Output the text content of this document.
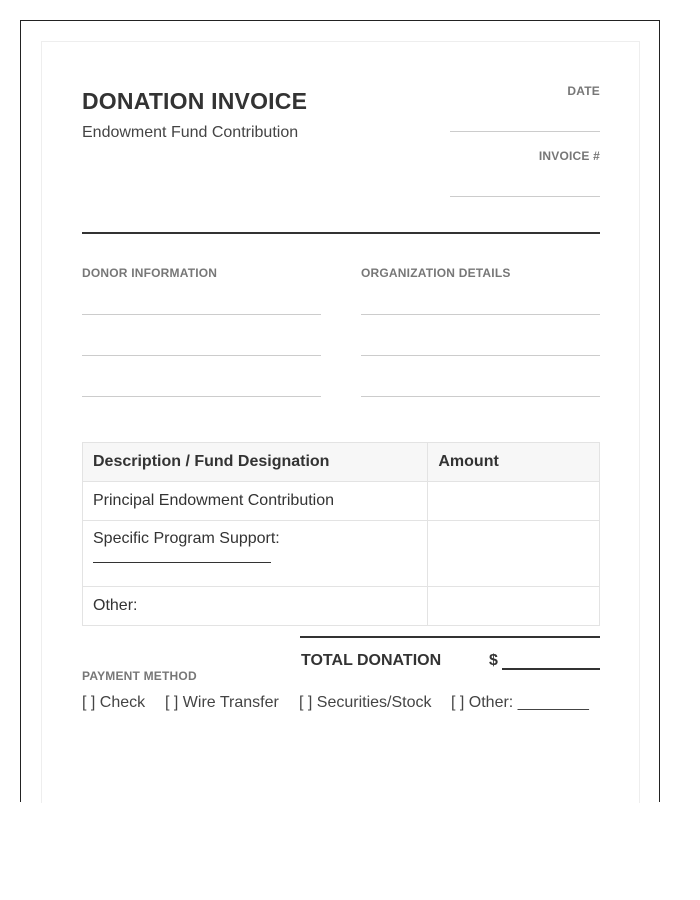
DONATION INVOICE
Endowment Fund Contribution
DATE
INVOICE #
DONOR INFORMATION	ORGANIZATION DETAILS
Description / Fund Designation	Amount
Principal Endowment Contribution	
Specific Program Support:

Other:	
TOTAL DONATION	$
PAYMENT METHOD
[ ] Check [ ] Wire Transfer [ ] Securities/Stock [ ] Other: ________
